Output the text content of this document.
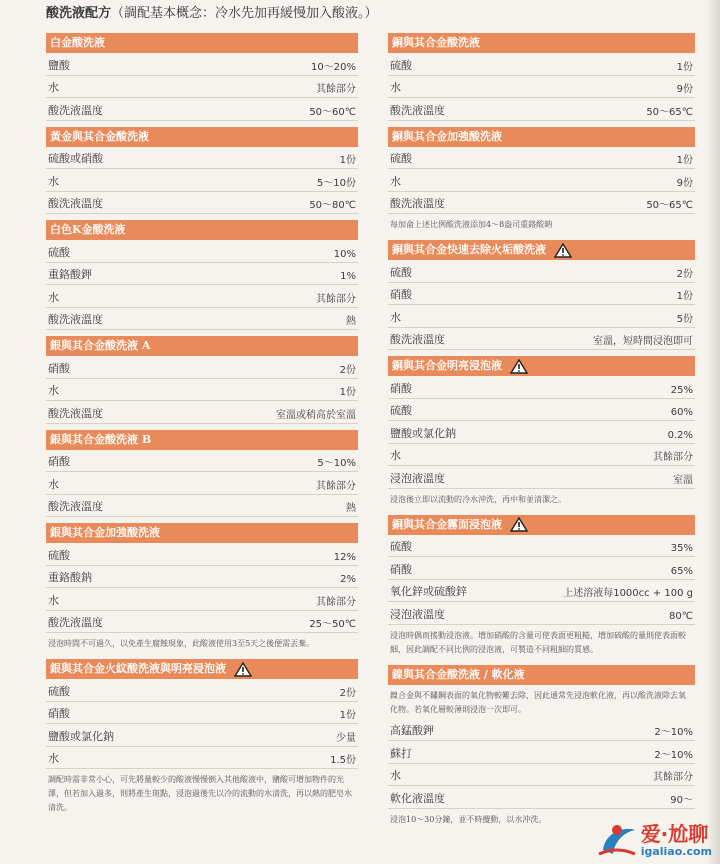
酸洗液配方（調配基本概念：冷水先加再緩慢加入酸液。）
白金酸洗液
鹽酸	10～20%
水	其餘部分
酸洗液溫度	50～60℃
黃金與其合金酸洗液
硫酸或硝酸	1份
水	5～10份
酸洗液溫度	50～80℃
白色K金酸洗液
硫酸	10%
重鉻酸鉀	1%
水	其餘部分
酸洗液溫度	熱
銀與其合金酸洗液 A
硝酸	2份
水	1份
酸洗液溫度	室溫或稍高於室溫
銀與其合金酸洗液 B
硝酸	5～10%
水	其餘部分
酸洗液溫度	熱
銀與其合金加強酸洗液
硫酸	12%
重鉻酸鈉	2%
水	其餘部分
酸洗液溫度	25～50℃
浸泡時間不可過久，以免產生腐蝕現象，此酸液使用3至5天之後便需丟棄。
銀與其合金火紋酸洗液與明亮浸泡液
硫酸	2份
硝酸	1份
鹽酸或氯化鈉	少量
水	1.5份
調配時需非常小心，可先將量較少的酸液慢慢倒入其他酸液中，鹽酸可增加物件的光澤，但若加入過多，則將產生斑點，浸泡過後先以冷的流動的水清洗，再以熱的肥皂水清洗。
銅與其合金酸洗液
硫酸	1份
水	9份
酸洗液溫度	50～65℃
銅與其合金加強酸洗液
硫酸	1份
水	9份
酸洗液溫度	50～65℃
每加侖上述比例酸洗液添加4～8盎司重鉻酸鈉
銅與其合金快速去除火垢酸洗液
硫酸	2份
硝酸	1份
水	5份
酸洗液溫度	室溫，短時間浸泡即可
銅與其合金明亮浸泡液
硝酸	25%
硫酸	60%
鹽酸或氯化鈉	0.2%
水	其餘部分
浸泡液溫度	室溫
浸泡後立即以流動的冷水沖洗，再中和並清潔之。
銅與其合金霧面浸泡液
硫酸	35%
硝酸	65%
氧化鋅或硫酸鋅	上述溶液每1000cc + 100 g
浸泡液溫度	80℃
浸泡時偶而搖動浸泡液。增加硝酸的含量可使表面更粗糙，增加硫酸的量則使表面較細，因此調配不同比例的浸泡液，可製造不同粗細的質感。
鎳與其合金酸洗液 / 軟化液
鎳合金與不鏽鋼表面的氧化物較難去除，因此通常先浸泡軟化液，再以酸洗液除去氧化物。若氧化層較薄則浸泡一次即可。
高錳酸鉀	2～10%
蘇打	2～10%
水	其餘部分
軟化液溫度	90～
浸泡10～30分鐘，並不時攪動，以水沖洗。
爱·尬聊
igaliao.com
